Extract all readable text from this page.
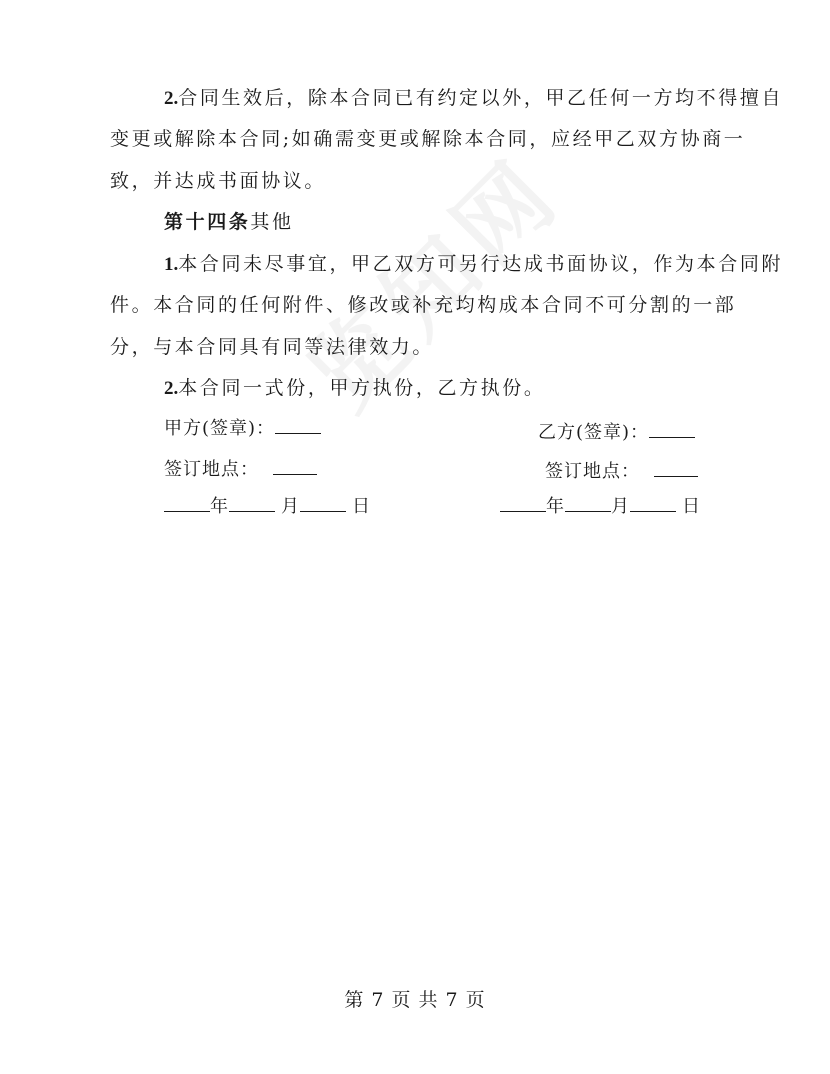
2.合同生效后，除本合同已有约定以外，甲乙任何一方均不得擅自
变更或解除本合同;如确需变更或解除本合同，应经甲乙双方协商一
致，并达成书面协议。
第十四条其他
1.本合同未尽事宜，甲乙双方可另行达成书面协议，作为本合同附
件。本合同的任何附件、修改或补充均构成本合同不可分割的一部
分，与本合同具有同等法律效力。
2.本合同一式份，甲方执份，乙方执份。
甲方(签章)：
签订地点：
年	月	日
乙方(签章)：
签订地点：
年	月	日
第 7 页 共 7 页
